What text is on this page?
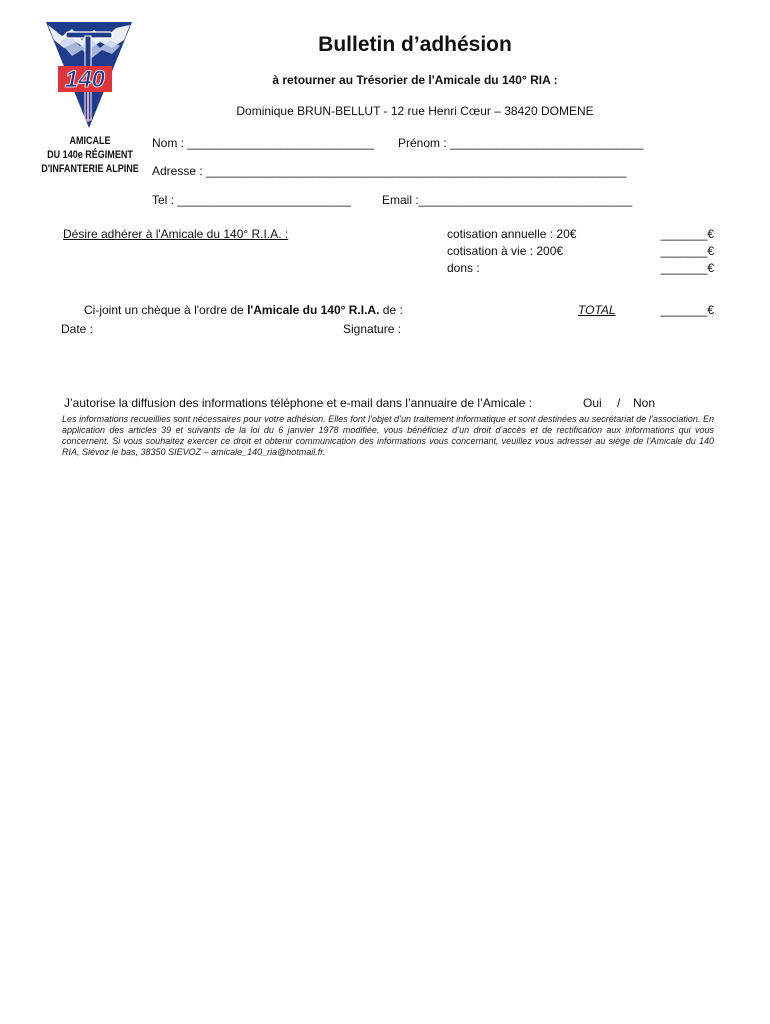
140
AMICALE
DU 140e RÉGIMENT
D'INFANTERIE ALPINE
Bulletin d’adhésion
à retourner au Trésorier de l'Amicale du 140° RIA :
Dominique BRUN-BELLUT - 12 rue Henri Cœur – 38420 DOMENE
Nom : ____________________________ Prénom : _____________________________
Adresse : _______________________________________________________________
Tel : __________________________	Email :________________________________
Désire adhérer à l'Amicale du 140° R.I.A. :	cotisation annuelle : 20€	_______€
cotisation à vie : 200€	_______€
dons :	_______€
Ci-joint un chèque à l'ordre de l'Amicale du 140° R.I.A. de :	TOTAL	_______€
Date :	Signature :
J’autorise la diffusion des informations téléphone et e-mail dans l’annuaire de l’Amicale :	Oui / Non
Les informations recueillies sont nécessaires pour votre adhésion. Elles font l’objet d’un traitement informatique et sont destinées au secrétariat de l’association. En application des articles 39 et suivants de la loi du 6 janvier 1978 modifiée, vous bénéficiez d’un droit d’accès et de rectification aux informations qui vous concernent. Si vous souhaitez exercer ce droit et obtenir communication des informations vous concernant, veuillez vous adresser au siège de l’Amicale du 140 RIA, Siévoz le bas, 38350 SIEVOZ – amicale_140_ria@hotmail.fr.
